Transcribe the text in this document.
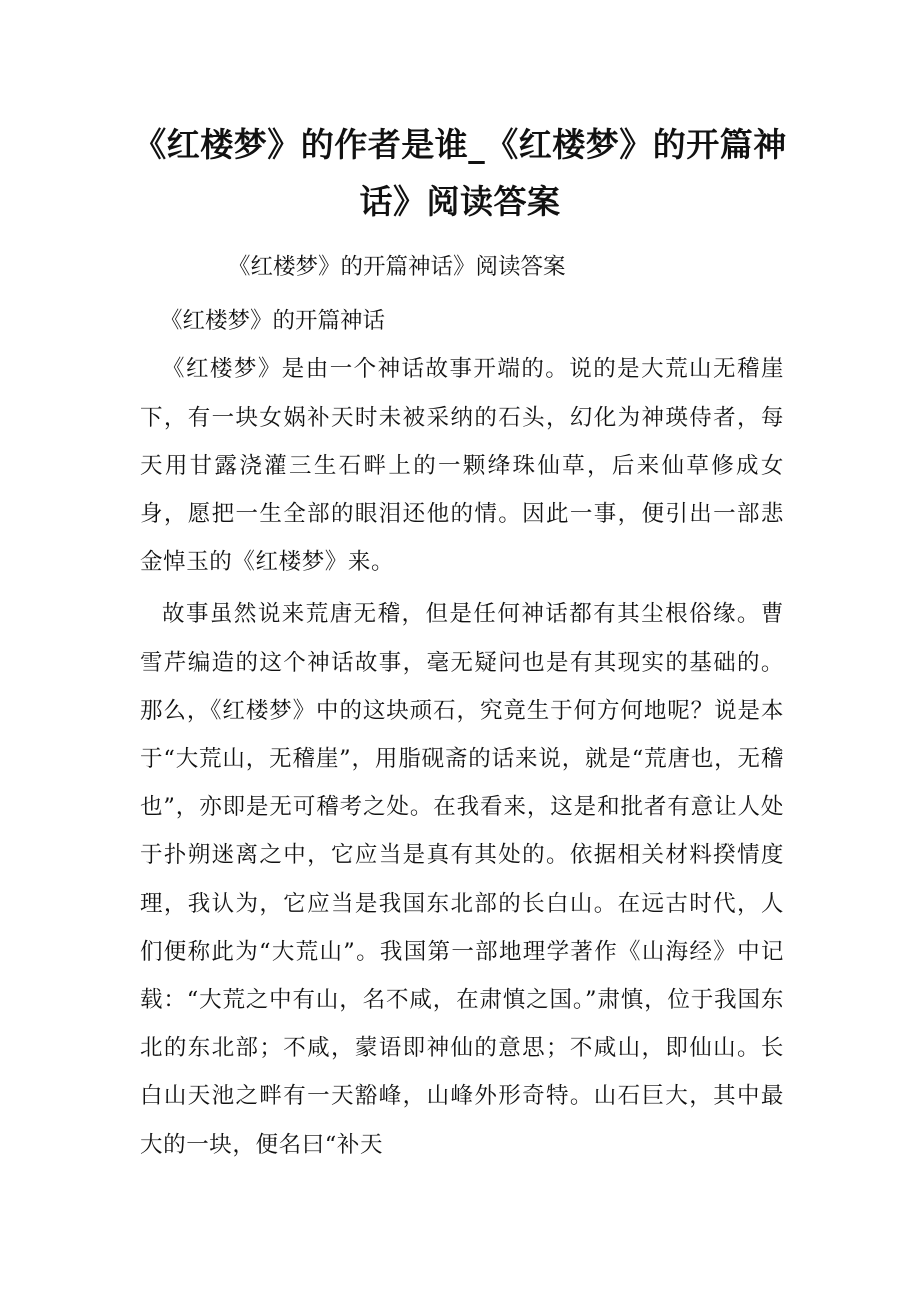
《红楼梦》的作者是谁_《红楼梦》的开篇神话》阅读答案

《红楼梦》的开篇神话》阅读答案

《红楼梦》的开篇神话

《红楼梦》是由一个神话故事开端的。说的是大荒山无稽崖下，有一块女娲补天时未被采纳的石头，幻化为神瑛侍者，每天用甘露浇灌三生石畔上的一颗绛珠仙草，后来仙草修成女身，愿把一生全部的眼泪还他的情。因此一事，便引出一部悲金悼玉的《红楼梦》来。

故事虽然说来荒唐无稽，但是任何神话都有其尘根俗缘。曹雪芹编造的这个神话故事，毫无疑问也是有其现实的基础的。那么，《红楼梦》中的这块顽石，究竟生于何方何地呢？说是本于“大荒山，无稽崖”，用脂砚斋的话来说，就是“荒唐也，无稽也”，亦即是无可稽考之处。在我看来，这是和批者有意让人处于扑朔迷离之中，它应当是真有其处的。依据相关材料揆情度理，我认为，它应当是我国东北部的长白山。在远古时代，人们便称此为“大荒山”。我国第一部地理学著作《山海经》中记载：“大荒之中有山，名不咸，在肃慎之国。”肃慎，位于我国东北的东北部；不咸，蒙语即神仙的意思；不咸山，即仙山。长白山天池之畔有一天豁峰，山峰外形奇特。山石巨大，其中最大的一块，便名曰“补天
